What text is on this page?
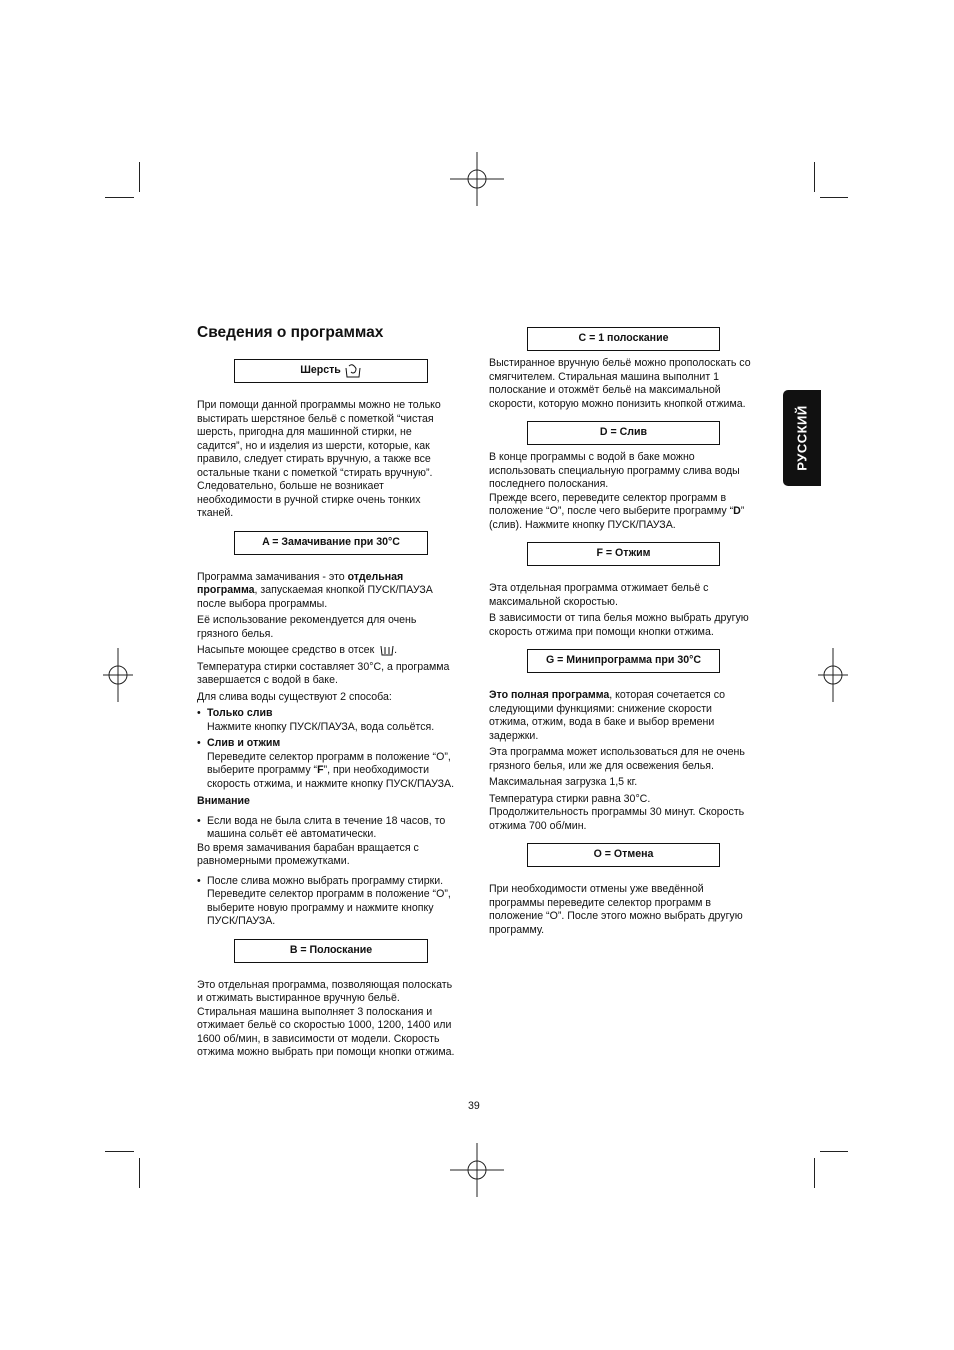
Сведения о программах
РУССКИЙ
Шерсть

При помощи данной программы можно не только выстирать шерстяное бельё с пометкой “чистая шерсть, пригодна для машинной стирки, не садится”, но и изделия из шерсти, которые, как правило, следует стирать вручную, а также все остальные ткани с пометкой “стирать вручную”. Следовательно, больше не возникает необходимости в ручной стирке очень тонких тканей.

A = Замачивание при 30°C

Программа замачивания - это отдельная программа, запускаемая кнопкой ПУСК/ПАУЗА после выбора программы.

Её использование рекомендуется для очень грязного белья.

Насыпьте моющее средство в отсек .

Температура стирки составляет 30°С, а программа завершается с водой в баке.

Для слива воды существуют 2 способа:

• Только слив
Нажмите кнопку ПУСК/ПАУЗА, вода сольётся.
• Слив и отжим
Переведите селектор программ в положение “О”, выберите программу “F”, при необходимости скорость отжима, и нажмите кнопку ПУСК/ПАУЗА.

Внимание

• Если вода не была слита в течение 18 часов, то машина сольёт её автоматически.

Во время замачивания барабан вращается с равномерными промежутками.

• После слива можно выбрать программу стирки. Переведите селектор программ в положение “О”, выберите новую программу и нажмите кнопку ПУСК/ПАУЗА.
B = Полоскание

Это отдельная программа, позволяющая полоскать и отжимать выстиранное вручную бельё. Стиральная машина выполняет 3 полоскания и отжимает бельё со скоростью 1000, 1200, 1400 или 1600 об/мин, в зависимости от модели. Скорость отжима можно выбрать при помощи кнопки отжима.

C = 1 полоскание

Выстиранное вручную бельё можно прополоскать со смягчителем. Стиральная машина выполнит 1 полоскание и отожмёт бельё на максимальной скорости, которую можно понизить кнопкой отжима.

D = Слив

В конце программы с водой в баке можно использовать специальную программу слива воды последнего полоскания.

Прежде всего, переведите селектор программ в положение “О”, после чего выберите программу “D” (слив). Нажмите кнопку ПУСК/ПАУЗА.

F = Отжим

Эта отдельная программа отжимает бельё с максимальной скоростью.

В зависимости от типа белья можно выбрать другую скорость отжима при помощи кнопки отжима.

G = Минипрограмма при 30°C

Это полная программа, которая сочетается со следующими функциями: снижение скорости отжима, отжим, вода в баке и выбор времени задержки.

Эта программа может использоваться для не очень грязного белья, или же для освежения белья.

Максимальная загрузка 1,5 кг.

Температура стирки равна 30°С. Продолжительность программы 30 минут. Скорость отжима 700 об/мин.

O = Отмена

При необходимости отмены уже введённой программы переведите селектор программ в положение “О”. После этого можно выбрать другую программу.

39
